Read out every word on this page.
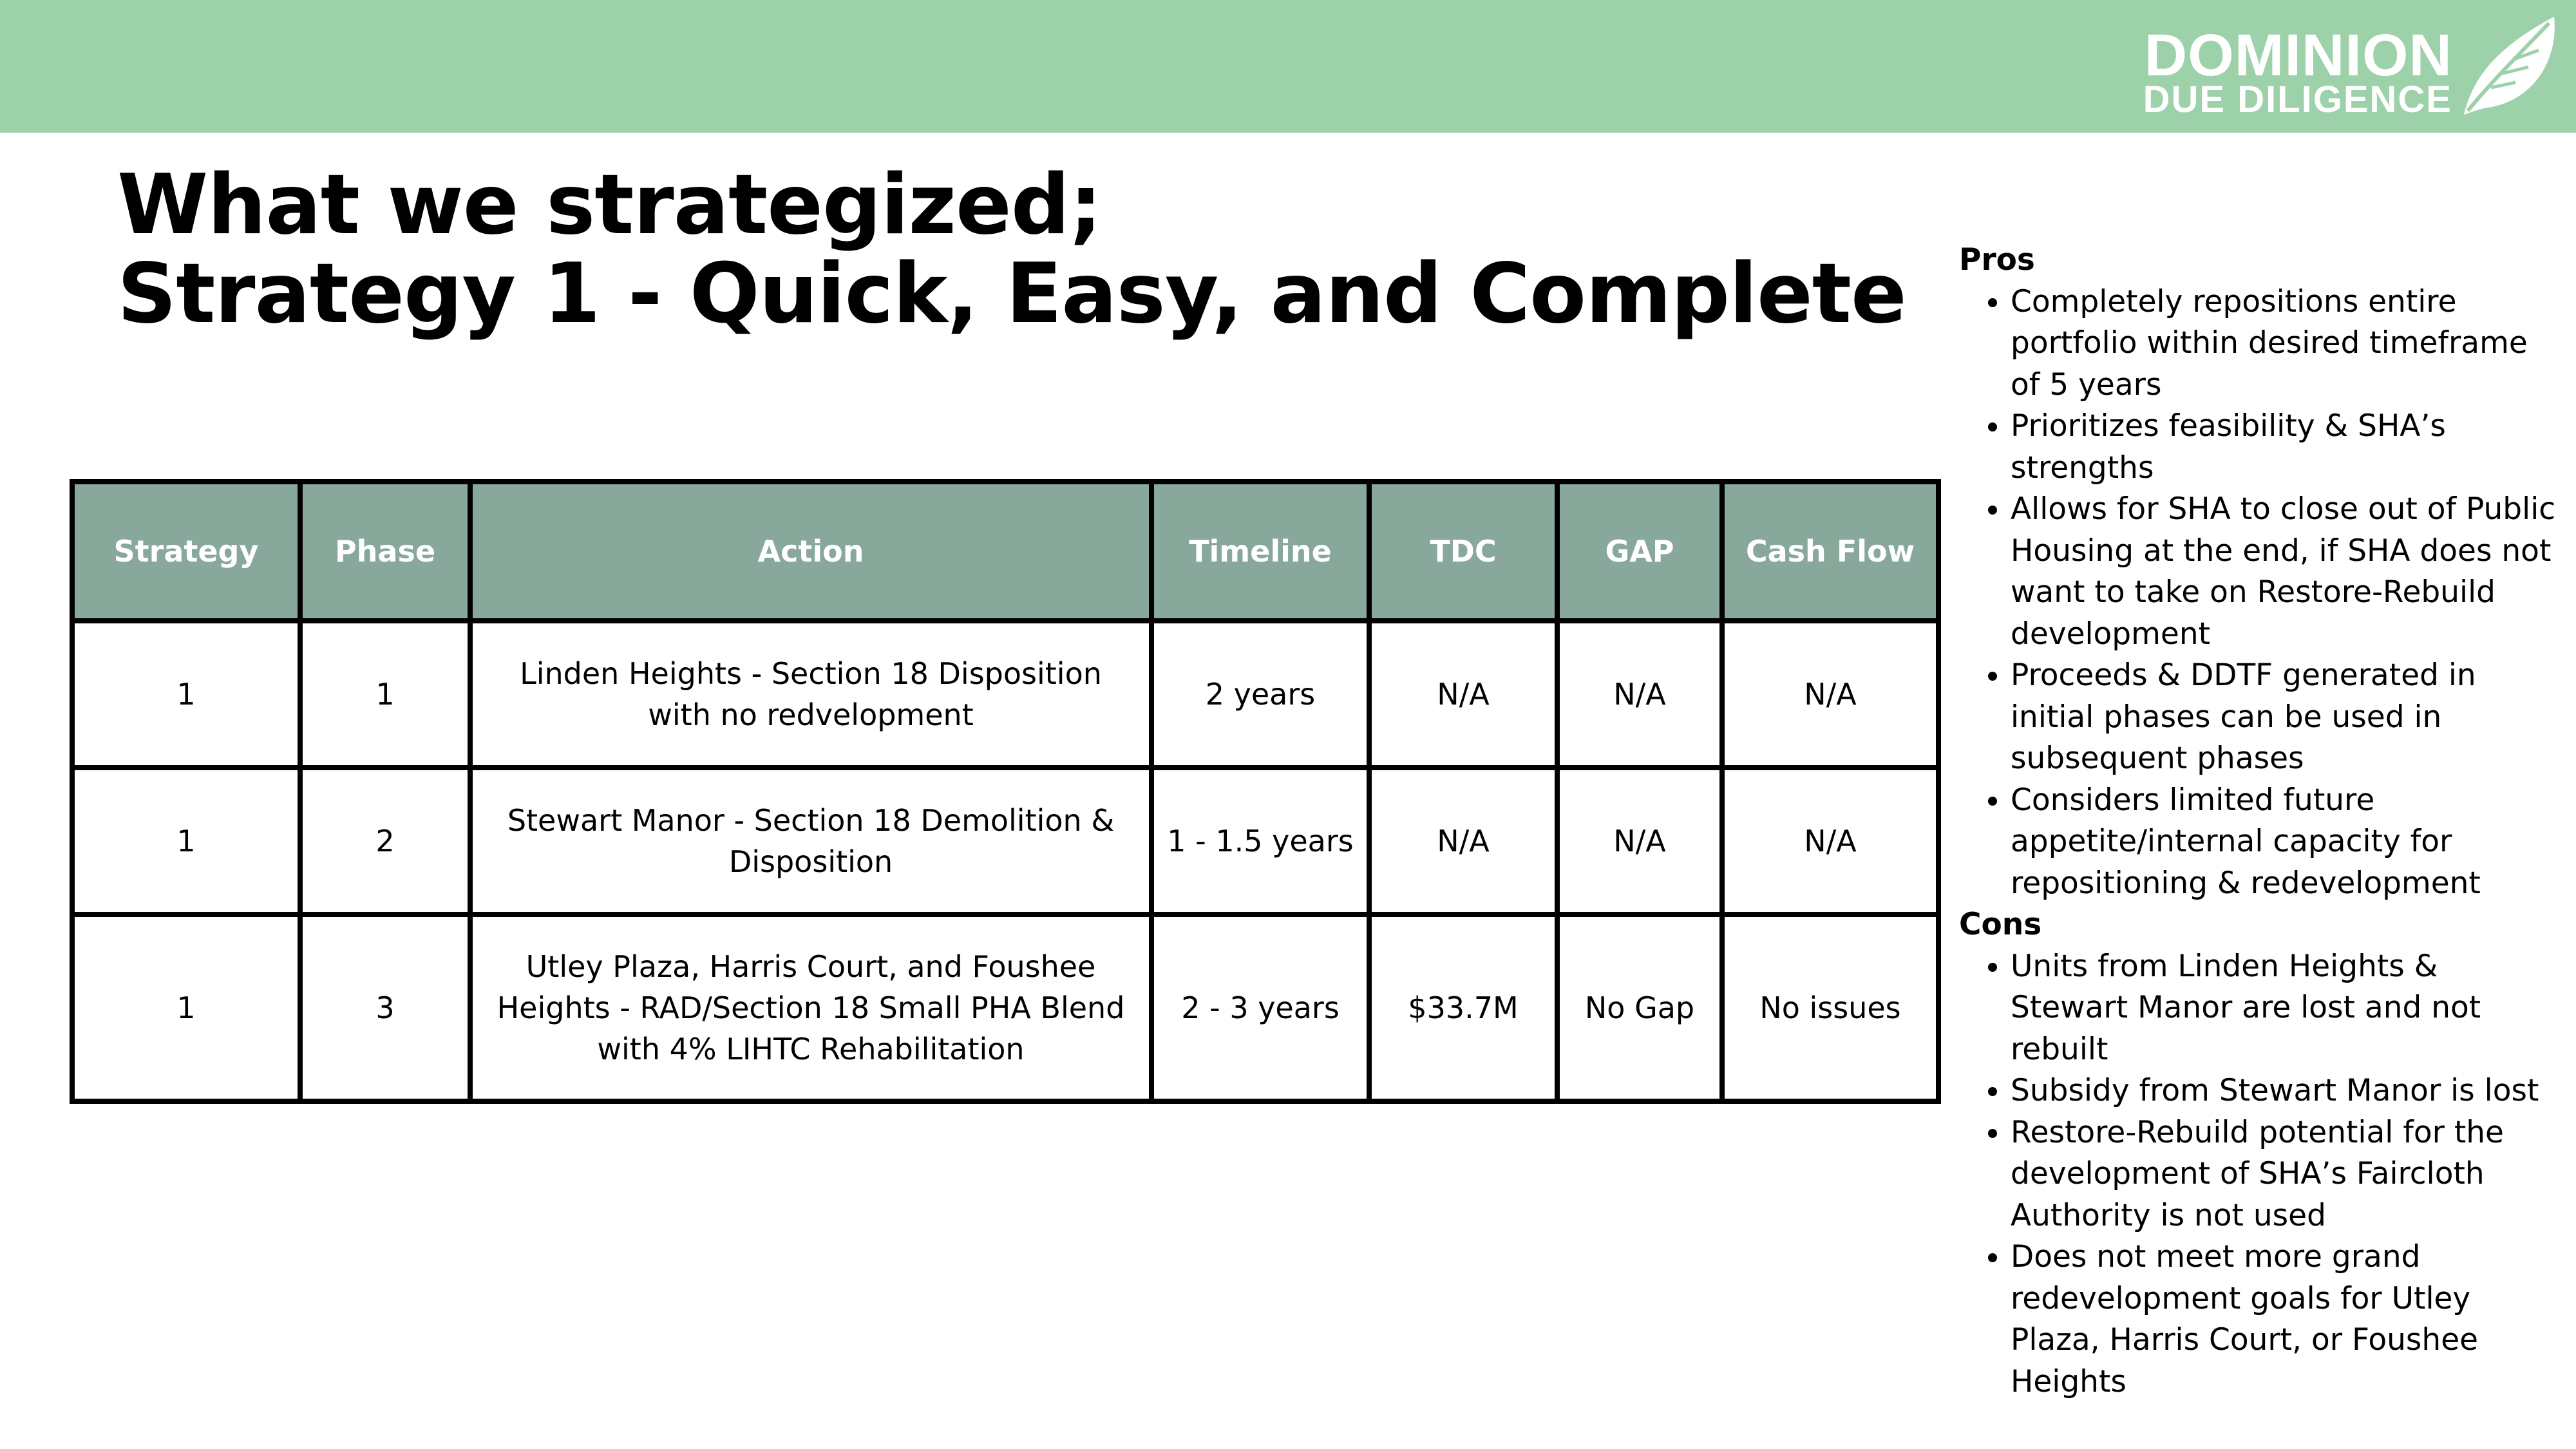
DOMINION
DUE DILIGENCE
What we strategized;
Strategy 1 - Quick, Easy, and Complete
Strategy	Phase	Action	Timeline	TDC	GAP	Cash Flow
1	1	Linden Heights - Section 18 Disposition with no redvelopment	2 years	N/A	N/A	N/A
1	2	Stewart Manor - Section 18 Demolition & Disposition	1 - 1.5 years	N/A	N/A	N/A
1	3	Utley Plaza, Harris Court, and Foushee Heights - RAD/Section 18 Small PHA Blend with 4% LIHTC Rehabilitation	2 - 3 years	$33.7M	No Gap	No issues
Pros
• Completely repositions entire portfolio within desired timeframe of 5 years
• Prioritizes feasibility & SHA’s strengths
• Allows for SHA to close out of Public Housing at the end, if SHA does not want to take on Restore-Rebuild development
• Proceeds & DDTF generated in initial phases can be used in subsequent phases
• Considers limited future appetite/internal capacity for repositioning & redevelopment
Cons
• Units from Linden Heights & Stewart Manor are lost and not rebuilt
• Subsidy from Stewart Manor is lost
• Restore-Rebuild potential for the development of SHA’s Faircloth Authority is not used
• Does not meet more grand redevelopment goals for Utley Plaza, Harris Court, or Foushee Heights
